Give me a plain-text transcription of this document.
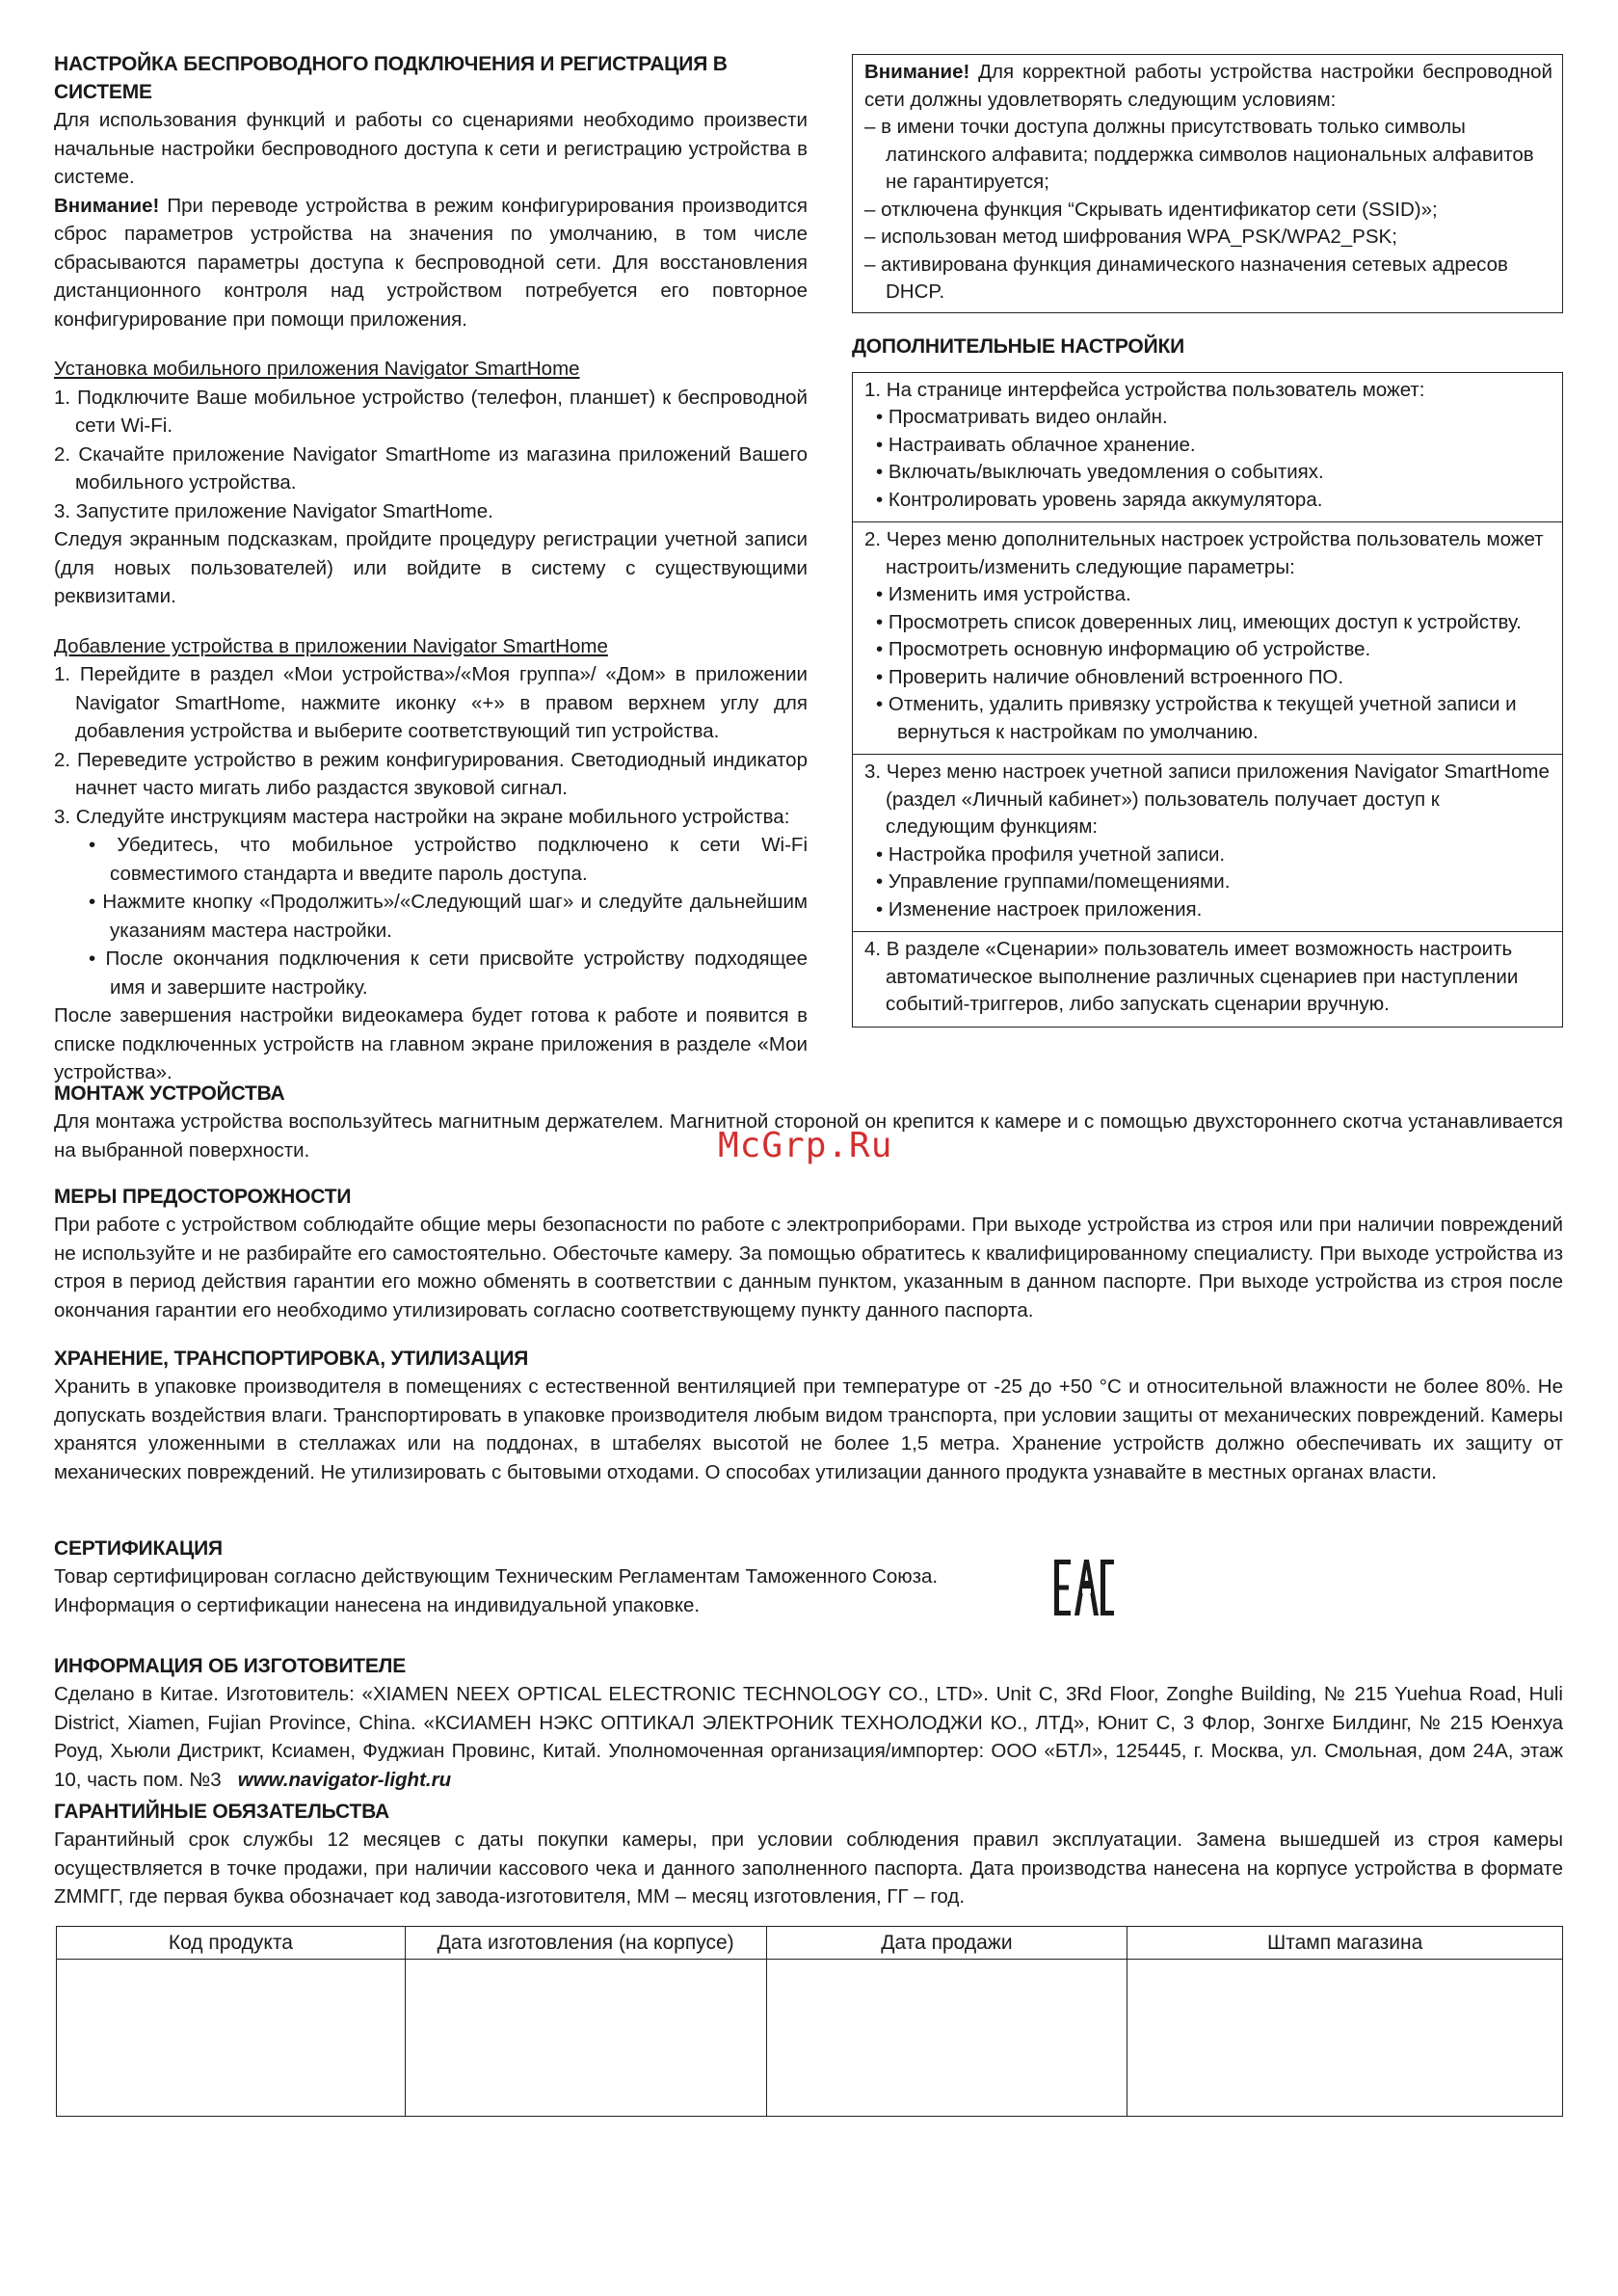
НАСТРОЙКА БЕСПРОВОДНОГО ПОДКЛЮЧЕНИЯ И РЕГИСТРАЦИЯ В СИСТЕМЕ

Для использования функций и работы со сценариями необходимо произвести начальные настройки беспроводного доступа к сети и регистрацию устройства в системе.

Внимание! При переводе устройства в режим конфигурирования производится сброс параметров устройства на значения по умолчанию, в том числе сбрасываются параметры доступа к беспроводной сети. Для восстановления дистанционного контроля над устройством потребуется его повторное конфигурирование при помощи приложения.

Установка мобильного приложения Navigator SmartHome

1. Подключите Ваше мобильное устройство (телефон, планшет) к беспроводной сети Wi-Fi.
2. Скачайте приложение Navigator SmartHome из магазина приложений Вашего мобильного устройства.
3. Запустите приложение Navigator SmartHome.

Следуя экранным подсказкам, пройдите процедуру регистрации учетной записи (для новых пользователей) или войдите в систему с существующими реквизитами.

Добавление устройства в приложении Navigator SmartHome

1. Перейдите в раздел «Мои устройства»/«Моя группа»/ «Дом» в приложении Navigator SmartHome, нажмите иконку «+» в правом верхнем углу для добавления устройства и выберите соответствующий тип устройства.
2. Переведите устройство в режим конфигурирования. Светодиодный индикатор начнет часто мигать либо раздастся звуковой сигнал.
3. Следуйте инструкциям мастера настройки на экране мобильного устройства:
• Убедитесь, что мобильное устройство подключено к сети Wi-Fi совместимого стандарта и введите пароль доступа.
• Нажмите кнопку «Продолжить»/«Следующий шаг» и следуйте дальнейшим указаниям мастера настройки.
• После окончания подключения к сети присвойте устройству подходящее имя и завершите настройку.

После завершения настройки видеокамера будет готова к работе и появится в списке подключенных устройств на главном экране приложения в разделе «Мои устройства».

Внимание! Для корректной работы устройства настройки беспроводной сети должны удовлетворять следующим условиям:

– в имени точки доступа должны присутствовать только символы латинского алфавита; поддержка символов национальных алфавитов не гарантируется;
– отключена функция “Скрывать идентификатор сети (SSID)»;
– использован метод шифрования WPA_PSK/WPA2_PSK;
– активирована функция динамического назначения сетевых адресов DHCP.

ДОПОЛНИТЕЛЬНЫЕ НАСТРОЙКИ

1. На странице интерфейса устройства пользователь может:
• Просматривать видео онлайн.
• Настраивать облачное хранение.
• Включать/выключать уведомления о событиях.
• Контролировать уровень заряда аккумулятора.
2. Через меню дополнительных настроек устройства пользователь может настроить/изменить следующие параметры:
• Изменить имя устройства.
• Просмотреть список доверенных лиц, имеющих доступ к устройству.
• Просмотреть основную информацию об устройстве.
• Проверить наличие обновлений встроенного ПО.
• Отменить, удалить привязку устройства к текущей учетной записи и вернуться к настройкам по умолчанию.
3. Через меню настроек учетной записи приложения Navigator SmartHome (раздел «Личный кабинет») пользователь получает доступ к следующим функциям:
• Настройка профиля учетной записи.
• Управление группами/помещениями.
• Изменение настроек приложения.
4. В разделе «Сценарии» пользователь имеет возможность настроить автоматическое выполнение различных сценариев при наступлении событий-триггеров, либо запускать сценарии вручную.

МОНТАЖ УСТРОЙСТВА

Для монтажа устройства воспользуйтесь магнитным держателем. Магнитной стороной он крепится к камере и с помощью двухстороннего скотча устанавливается на выбранной поверхности.	McGrp.Ru

МЕРЫ ПРЕДОСТОРОЖНОСТИ

При работе с устройством соблюдайте общие меры безопасности по работе с электроприборами. При выходе устройства из строя или при наличии повреждений не используйте и не разбирайте его самостоятельно. Обесточьте камеру. За помощью обратитесь к квалифицированному специалисту. При выходе устройства из строя в период действия гарантии его можно обменять в соответствии с данным пунктом, указанным в данном паспорте. При выходе устройства из строя после окончания гарантии его необходимо утилизировать согласно соответствующему пункту данного паспорта.

ХРАНЕНИЕ, ТРАНСПОРТИРОВКА, УТИЛИЗАЦИЯ

Хранить в упаковке производителя в помещениях с естественной вентиляцией при температуре от -25 до +50 °C и относительной влажности не более 80%. Не допускать воздействия влаги. Транспортировать в упаковке производителя любым видом транспорта, при условии защиты от механических повреждений. Камеры хранятся уложенными в стеллажах или на поддонах, в штабелях высотой не более 1,5 метра. Хранение устройств должно обеспечивать их защиту от механических повреждений. Не утилизировать с бытовыми отходами. О способах утилизации данного продукта узнавайте в местных органах власти.

СЕРТИФИКАЦИЯ

Товар сертифицирован согласно действующим Техническим Регламентам Таможенного Союза.

Информация о сертификации нанесена на индивидуальной упаковке.

ИНФОРМАЦИЯ ОБ ИЗГОТОВИТЕЛЕ

Сделано в Китае. Изготовитель: «XIAMEN NEEX OPTICAL ELECTRONIC TECHNOLOGY CO., LTD». Unit C, 3Rd Floor, Zonghe Building, № 215 Yuehua Road, Huli District, Xiamen, Fujian Province, China. «КСИАМЕН НЭКС ОПТИКАЛ ЭЛЕКТРОНИК ТЕХНОЛОДЖИ КО., ЛТД», Юнит С, 3 Флор, Зонгхе Билдинг, № 215 Юенхуа Роуд, Хьюли Дистрикт, Ксиамен, Фуджиан Провинс, Китай. Уполномоченная организация/импортер: ООО «БТЛ», 125445, г. Москва, ул. Смольная, дом 24А, этаж 10, часть пом. №3 www.navigator-light.ru

ГАРАНТИЙНЫЕ ОБЯЗАТЕЛЬСТВА

Гарантийный срок службы 12 месяцев с даты покупки камеры, при условии соблюдения правил эксплуатации. Замена вышедшей из строя камеры осуществляется в точке продажи, при наличии кассового чека и данного заполненного паспорта. Дата производства нанесена на корпусе устройства в формате ZMMГГ, где первая буква обозначает код завода-изготовителя, ММ – месяц изготовления, ГГ – год.

Код продукта	Дата изготовления (на корпусе)	Дата продажи	Штамп магазина
